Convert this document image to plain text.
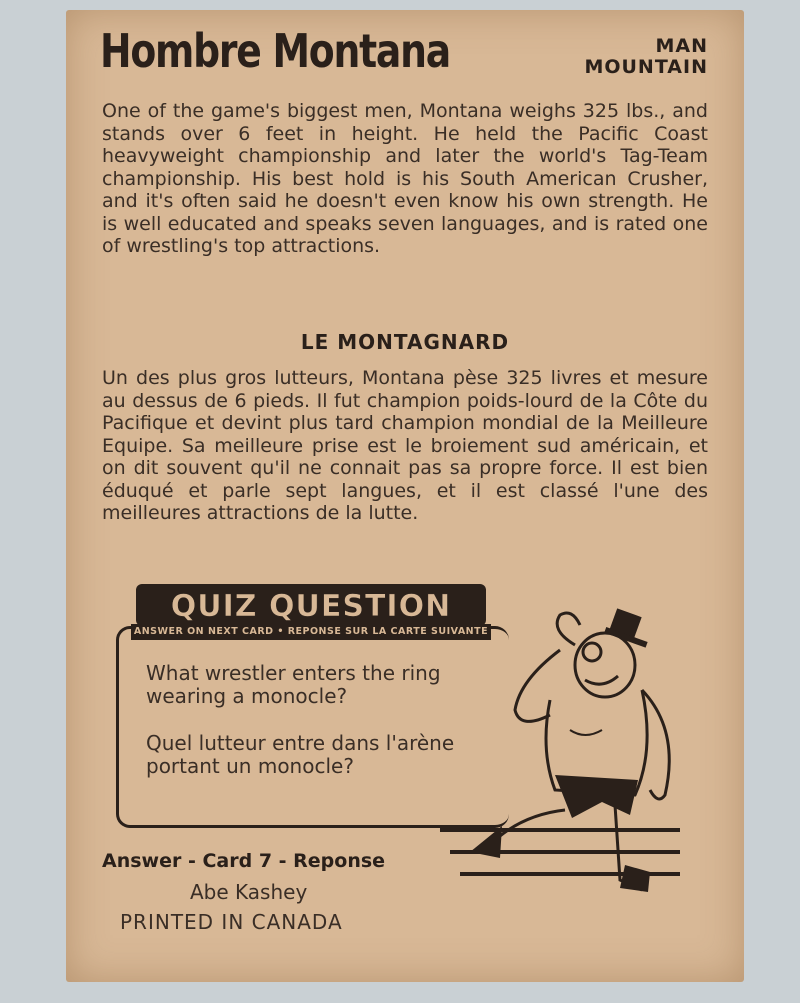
Hombre Montana	MAN
MOUNTAIN
One of the game's biggest men, Montana weighs 325 lbs., and stands over 6 feet in height. He held the Pacific Coast heavyweight championship and later the world's Tag-Team championship. His best hold is his South American Crusher, and it's often said he doesn't even know his own strength. He is well educated and speaks seven languages, and is rated one of wrestling's top attractions.
LE MONTAGNARD
Un des plus gros lutteurs, Montana pèse 325 livres et mesure au dessus de 6 pieds. Il fut champion poids-lourd de la Côte du Pacifique et devint plus tard champion mondial de la Meilleure Equipe. Sa meilleure prise est le broiement sud américain, et on dit souvent qu'il ne connait pas sa propre force. Il est bien éduqué et parle sept langues, et il est classé l'une des meilleures attractions de la lutte.
QUIZ QUESTION
ANSWER ON NEXT CARD • REPONSE SUR LA CARTE SUIVANTE
What wrestler enters the ring wearing a monocle?
Quel lutteur entre dans l'arène portant un monocle?
Answer - Card 7 - Reponse
Abe Kashey
PRINTED IN CANADA
